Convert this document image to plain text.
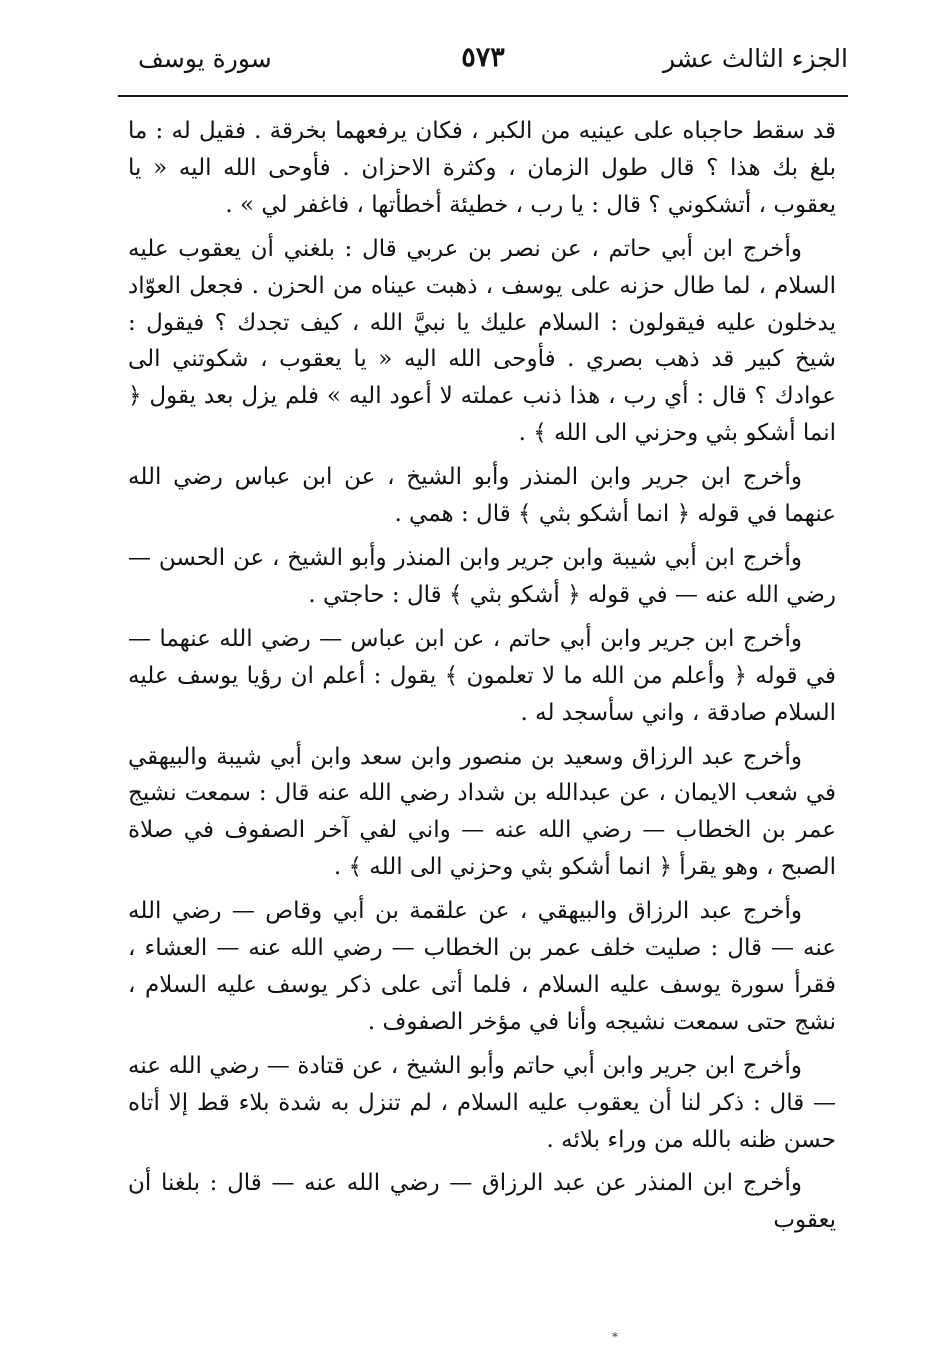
الجزء الثالث عشر
٥٧٣
سورة يوسف

قد سقط حاجباه على عينيه من الكبر ، فكان يرفعهما بخرقة . فقيل له : ما بلغ بك هذا ؟ قال طول الزمان ، وكثرة الاحزان . فأوحى الله اليه « يا يعقوب ، أتشكوني ؟ قال : يا رب ، خطيئة أخطأتها ، فاغفر لي » .

وأخرج ابن أبي حاتم ، عن نصر بن عربي قال : بلغني أن يعقوب عليه السلام ، لما طال حزنه على يوسف ، ذهبت عيناه من الحزن . فجعل العوّاد يدخلون عليه فيقولون : السلام عليك يا نبيَّ الله ، كيف تجدك ؟ فيقول : شيخ كبير قد ذهب بصري . فأوحى الله اليه « يا يعقوب ، شكوتني الى عوادك ؟ قال : أي رب ، هذا ذنب عملته لا أعود اليه » فلم يزل بعد يقول ﴿ انما أشكو بثي وحزني الى الله ﴾ .

وأخرج ابن جرير وابن المنذر وأبو الشيخ ، عن ابن عباس رضي الله عنهما في قوله ﴿ انما أشكو بثي ﴾ قال : همي .

وأخرج ابن أبي شيبة وابن جرير وابن المنذر وأبو الشيخ ، عن الحسن — رضي الله عنه — في قوله ﴿ أشكو بثي ﴾ قال : حاجتي .

وأخرج ابن جرير وابن أبي حاتم ، عن ابن عباس — رضي الله عنهما — في قوله ﴿ وأعلم من الله ما لا تعلمون ﴾ يقول : أعلم ان رؤيا يوسف عليه السلام صادقة ، واني سأسجد له .

وأخرج عبد الرزاق وسعيد بن منصور وابن سعد وابن أبي شيبة والبيهقي في شعب الايمان ، عن عبدالله بن شداد رضي الله عنه قال : سمعت نشيج عمر بن الخطاب — رضي الله عنه — واني لفي آخر الصفوف في صلاة الصبح ، وهو يقرأ ﴿ انما أشكو بثي وحزني الى الله ﴾ .

وأخرج عبد الرزاق والبيهقي ، عن علقمة بن أبي وقاص — رضي الله عنه — قال : صليت خلف عمر بن الخطاب — رضي الله عنه — العشاء ، فقرأ سورة يوسف عليه السلام ، فلما أتى على ذكر يوسف عليه السلام ، نشج حتى سمعت نشيجه وأنا في مؤخر الصفوف .

وأخرج ابن جرير وابن أبي حاتم وأبو الشيخ ، عن قتادة — رضي الله عنه — قال : ذكر لنا أن يعقوب عليه السلام ، لم تنزل به شدة بلاء قط إلا أتاه حسن ظنه بالله من وراء بلائه .

وأخرج ابن المنذر عن عبد الرزاق — رضي الله عنه — قال : بلغنا أن يعقوب

*
